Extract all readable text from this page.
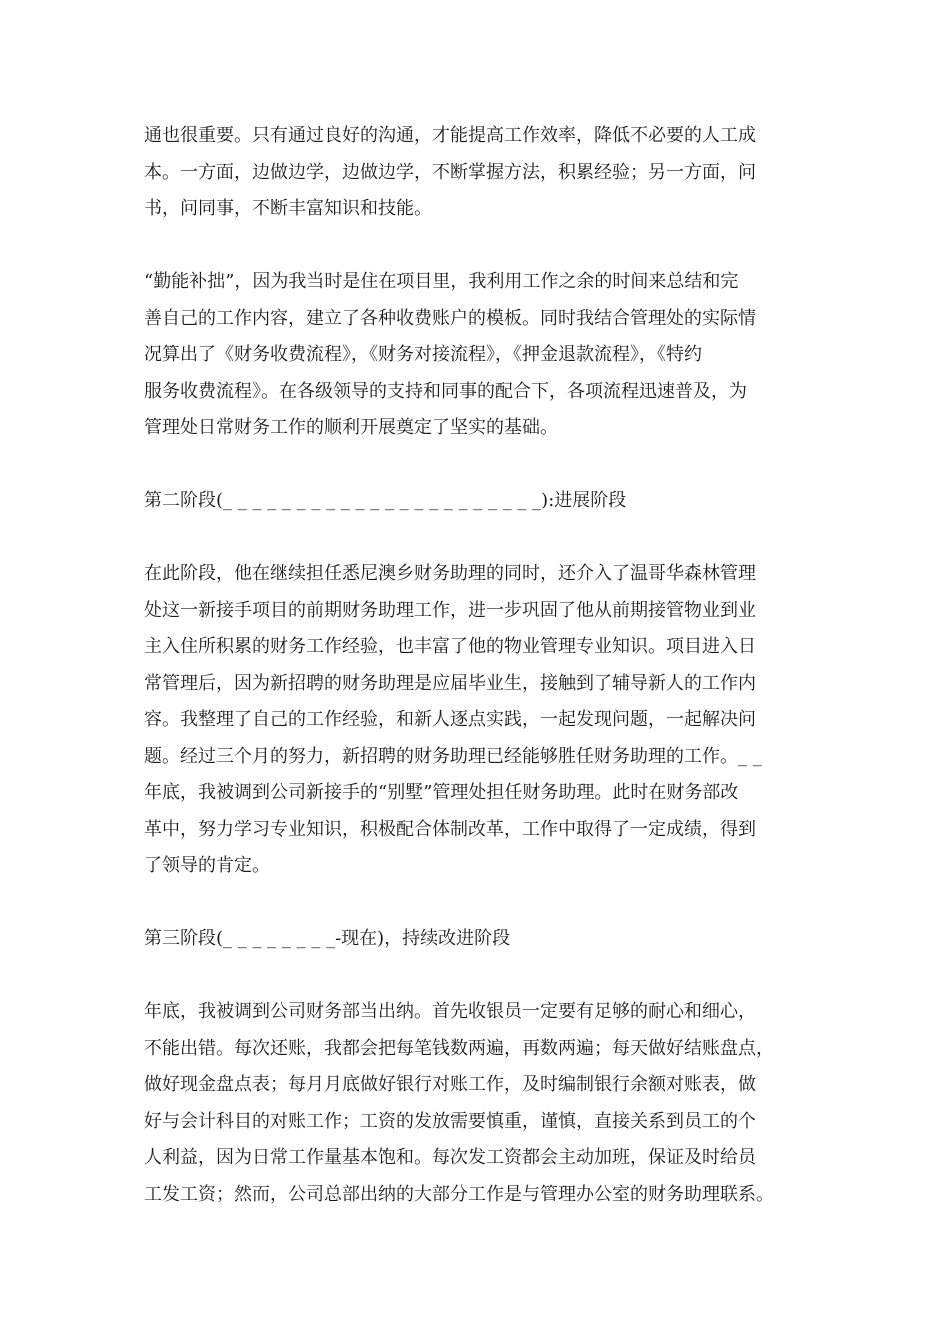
通也很重要。只有通过良好的沟通，才能提高工作效率，降低不必要的人工成
本。一方面，边做边学，边做边学，不断掌握方法，积累经验；另一方面，问
书，问同事，不断丰富知识和技能。

“勤能补拙”，因为我当时是住在项目里，我利用工作之余的时间来总结和完
善自己的工作内容，建立了各种收费账户的模板。同时我结合管理处的实际情
况算出了《财务收费流程》，《财务对接流程》，《押金退款流程》，《特约
服务收费流程》。在各级领导的支持和同事的配合下，各项流程迅速普及，为
管理处日常财务工作的顺利开展奠定了坚实的基础。

第二阶段(_ _ _ _ _ _ _ _ _ _ _ _ _ _ _ _ _ _ _ _ _ _):进展阶段

在此阶段，他在继续担任悉尼澳乡财务助理的同时，还介入了温哥华森林管理
处这一新接手项目的前期财务助理工作，进一步巩固了他从前期接管物业到业
主入住所积累的财务工作经验，也丰富了他的物业管理专业知识。项目进入日
常管理后，因为新招聘的财务助理是应届毕业生，接触到了辅导新人的工作内
容。我整理了自己的工作经验，和新人逐点实践，一起发现问题，一起解决问
题。经过三个月的努力，新招聘的财务助理已经能够胜任财务助理的工作。_ _
年底，我被调到公司新接手的“别墅”管理处担任财务助理。此时在财务部改
革中，努力学习专业知识，积极配合体制改革，工作中取得了一定成绩，得到
了领导的肯定。

第三阶段(_ _ _ _ _ _ _ _-现在)，持续改进阶段

年底，我被调到公司财务部当出纳。首先收银员一定要有足够的耐心和细心，
不能出错。每次还账，我都会把每笔钱数两遍，再数两遍；每天做好结账盘点，
做好现金盘点表；每月月底做好银行对账工作，及时编制银行余额对账表，做
好与会计科目的对账工作；工资的发放需要慎重，谨慎，直接关系到员工的个
人利益，因为日常工作量基本饱和。每次发工资都会主动加班，保证及时给员
工发工资；然而，公司总部出纳的大部分工作是与管理办公室的财务助理联系。
